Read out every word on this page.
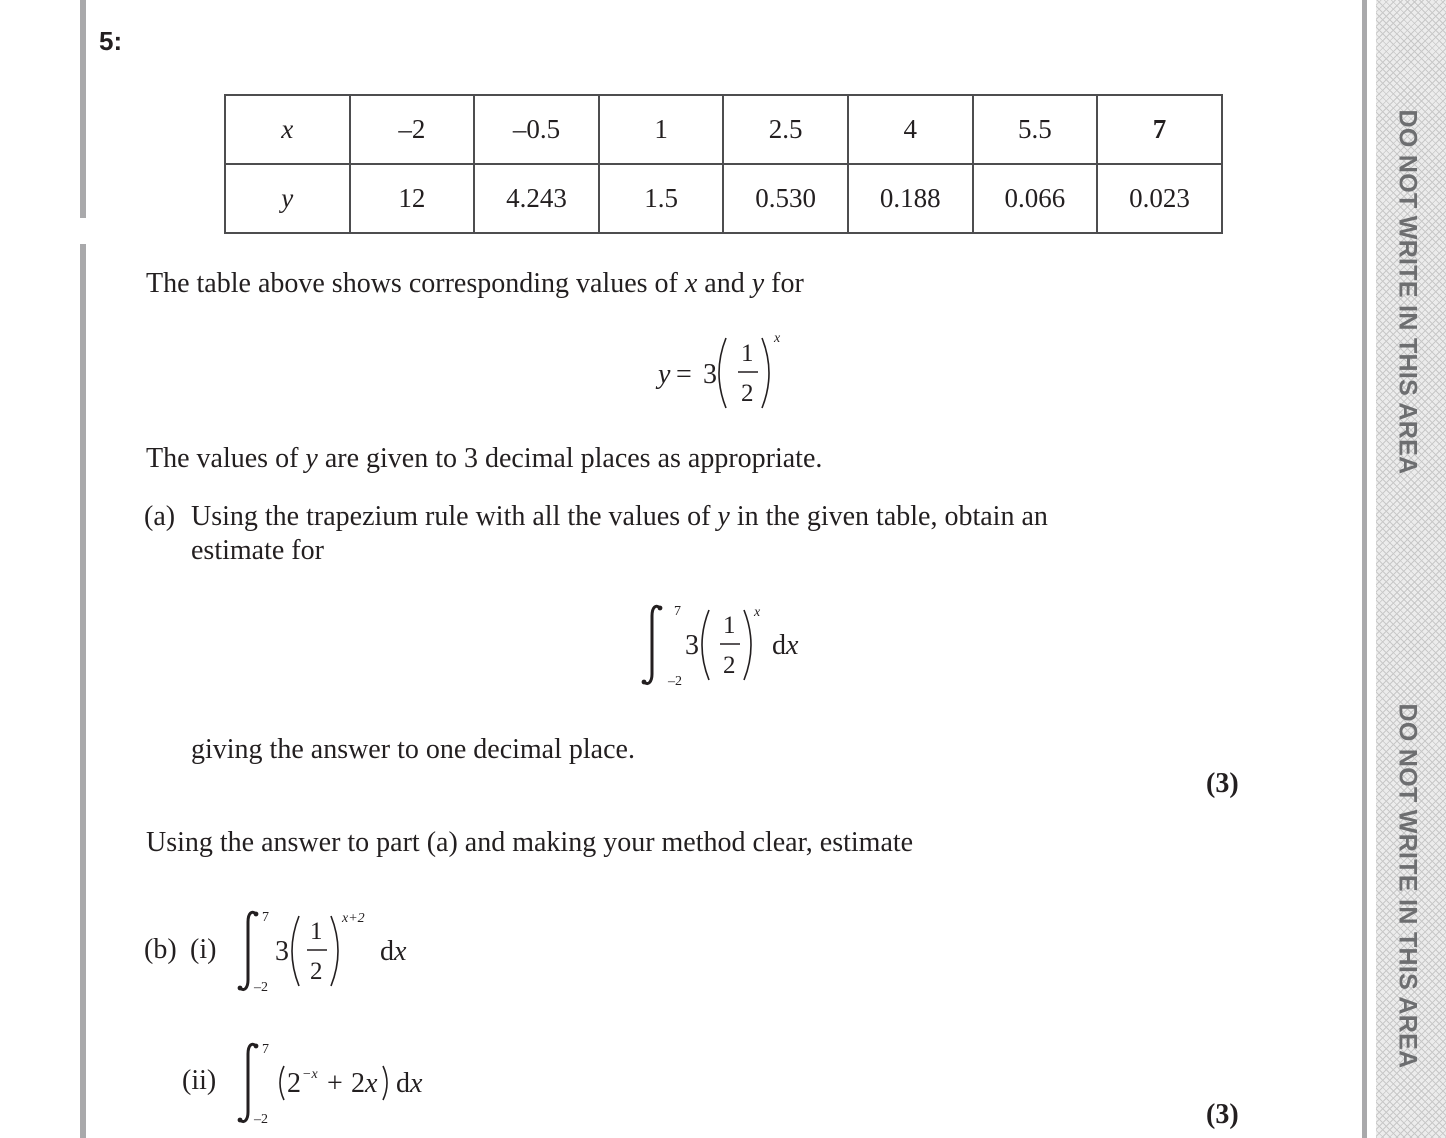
5:
x	–2	–0.5	1	2.5	4	5.5	7
y	12	4.243	1.5	0.530	0.188	0.066	0.023
The table above shows corresponding values of x and y for
y = 3
1
2
x
The values of y are given to 3 decimal places as appropriate.
(a) Using the trapezium rule with all the values of y in the given table, obtain an
estimate for
7
–2
3
1
2
x
dx
giving the answer to one decimal place.
(3)
Using the answer to part (a) and making your method clear, estimate
(b) (i)
7
–2
3
1
2
x+2
dx
(ii)
7
–2
2 −x + 2x dx
(3)
DO NOT WRITE IN THIS AREA
DO NOT WRITE IN THIS AREA
